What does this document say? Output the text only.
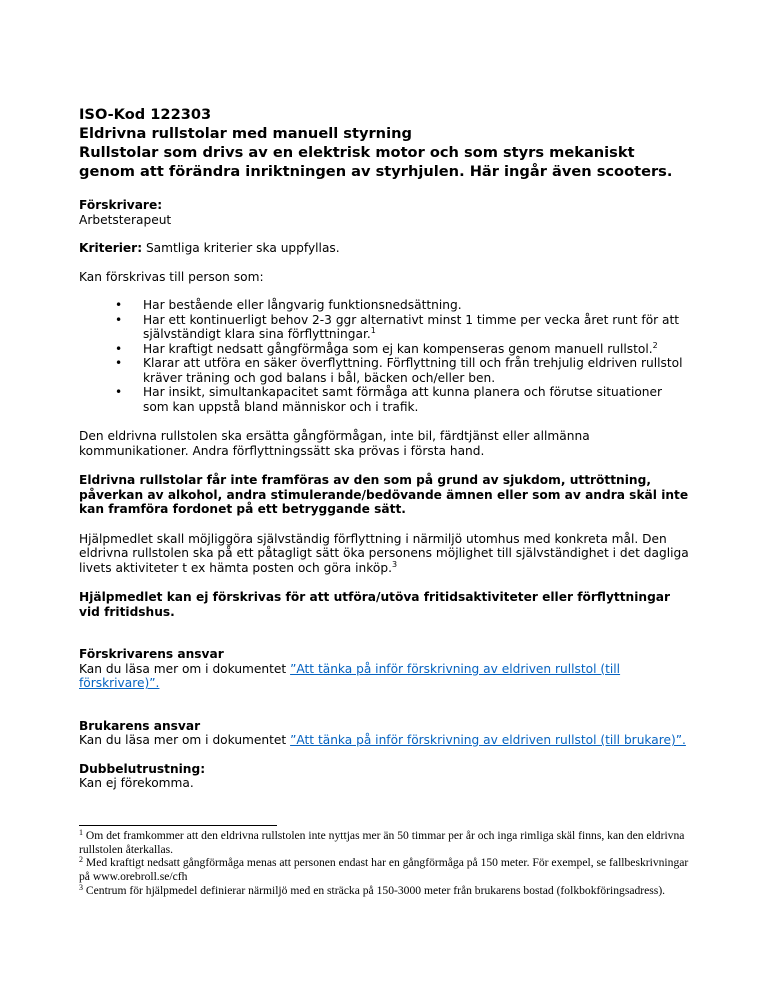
ISO-Kod 122303

Eldrivna rullstolar med manuell styrning

Rullstolar som drivs av en elektrisk motor och som styrs mekaniskt genom att förändra inriktningen av styrhjulen. Här ingår även scooters.

Förskrivare:

Arbetsterapeut

Kriterier: Samtliga kriterier ska uppfyllas.

Kan förskrivas till person som:

• Har bestående eller långvarig funktionsnedsättning.
• Har ett kontinuerligt behov 2-3 ggr alternativt minst 1 timme per vecka året runt för att självständigt klara sina förflyttningar.$^1$
• Har kraftigt nedsatt gångförmåga som ej kan kompenseras genom manuell rullstol.$^2$
• Klarar att utföra en säker överflyttning. Förflyttning till och från trehjulig eldriven rullstol kräver träning och god balans i bål, bäcken och/eller ben.
• Har insikt, simultankapacitet samt förmåga att kunna planera och förutse situationer som kan uppstå bland människor och i trafik.

Den eldrivna rullstolen ska ersätta gångförmågan, inte bil, färdtjänst eller allmänna kommunikationer. Andra förflyttningssätt ska prövas i första hand.

Eldrivna rullstolar får inte framföras av den som på grund av sjukdom, uttröttning, påverkan av alkohol, andra stimulerande/bedövande ämnen eller som av andra skäl inte kan framföra fordonet på ett betryggande sätt.

Hjälpmedlet skall möjliggöra självständig förflyttning i närmiljö utomhus med konkreta mål. Den eldrivna rullstolen ska på ett påtagligt sätt öka personens möjlighet till självständighet i det dagliga livets aktiviteter t ex hämta posten och göra inköp.$^3$

Hjälpmedlet kan ej förskrivas för att utföra/utöva fritidsaktiviteter eller förflyttningar vid fritidshus.

Förskrivarens ansvar

Kan du läsa mer om i dokumentet ”Att tänka på inför förskrivning av eldriven rullstol (till förskrivare)”.

Brukarens ansvar

Kan du läsa mer om i dokumentet ”Att tänka på inför förskrivning av eldriven rullstol (till brukare)”.

Dubbelutrustning:

Kan ej förekomma.

$^1$ Om det framkommer att den eldrivna rullstolen inte nyttjas mer än 50 timmar per år och inga rimliga skäl finns, kan den eldrivna rullstolen återkallas.
$^2$ Med kraftigt nedsatt gångförmåga menas att personen endast har en gångförmåga på 150 meter. För exempel, se fallbeskrivningar på www.orebroll.se/cfh
$^3$ Centrum för hjälpmedel definierar närmiljö med en sträcka på 150-3000 meter från brukarens bostad (folkbokföringsadress).
